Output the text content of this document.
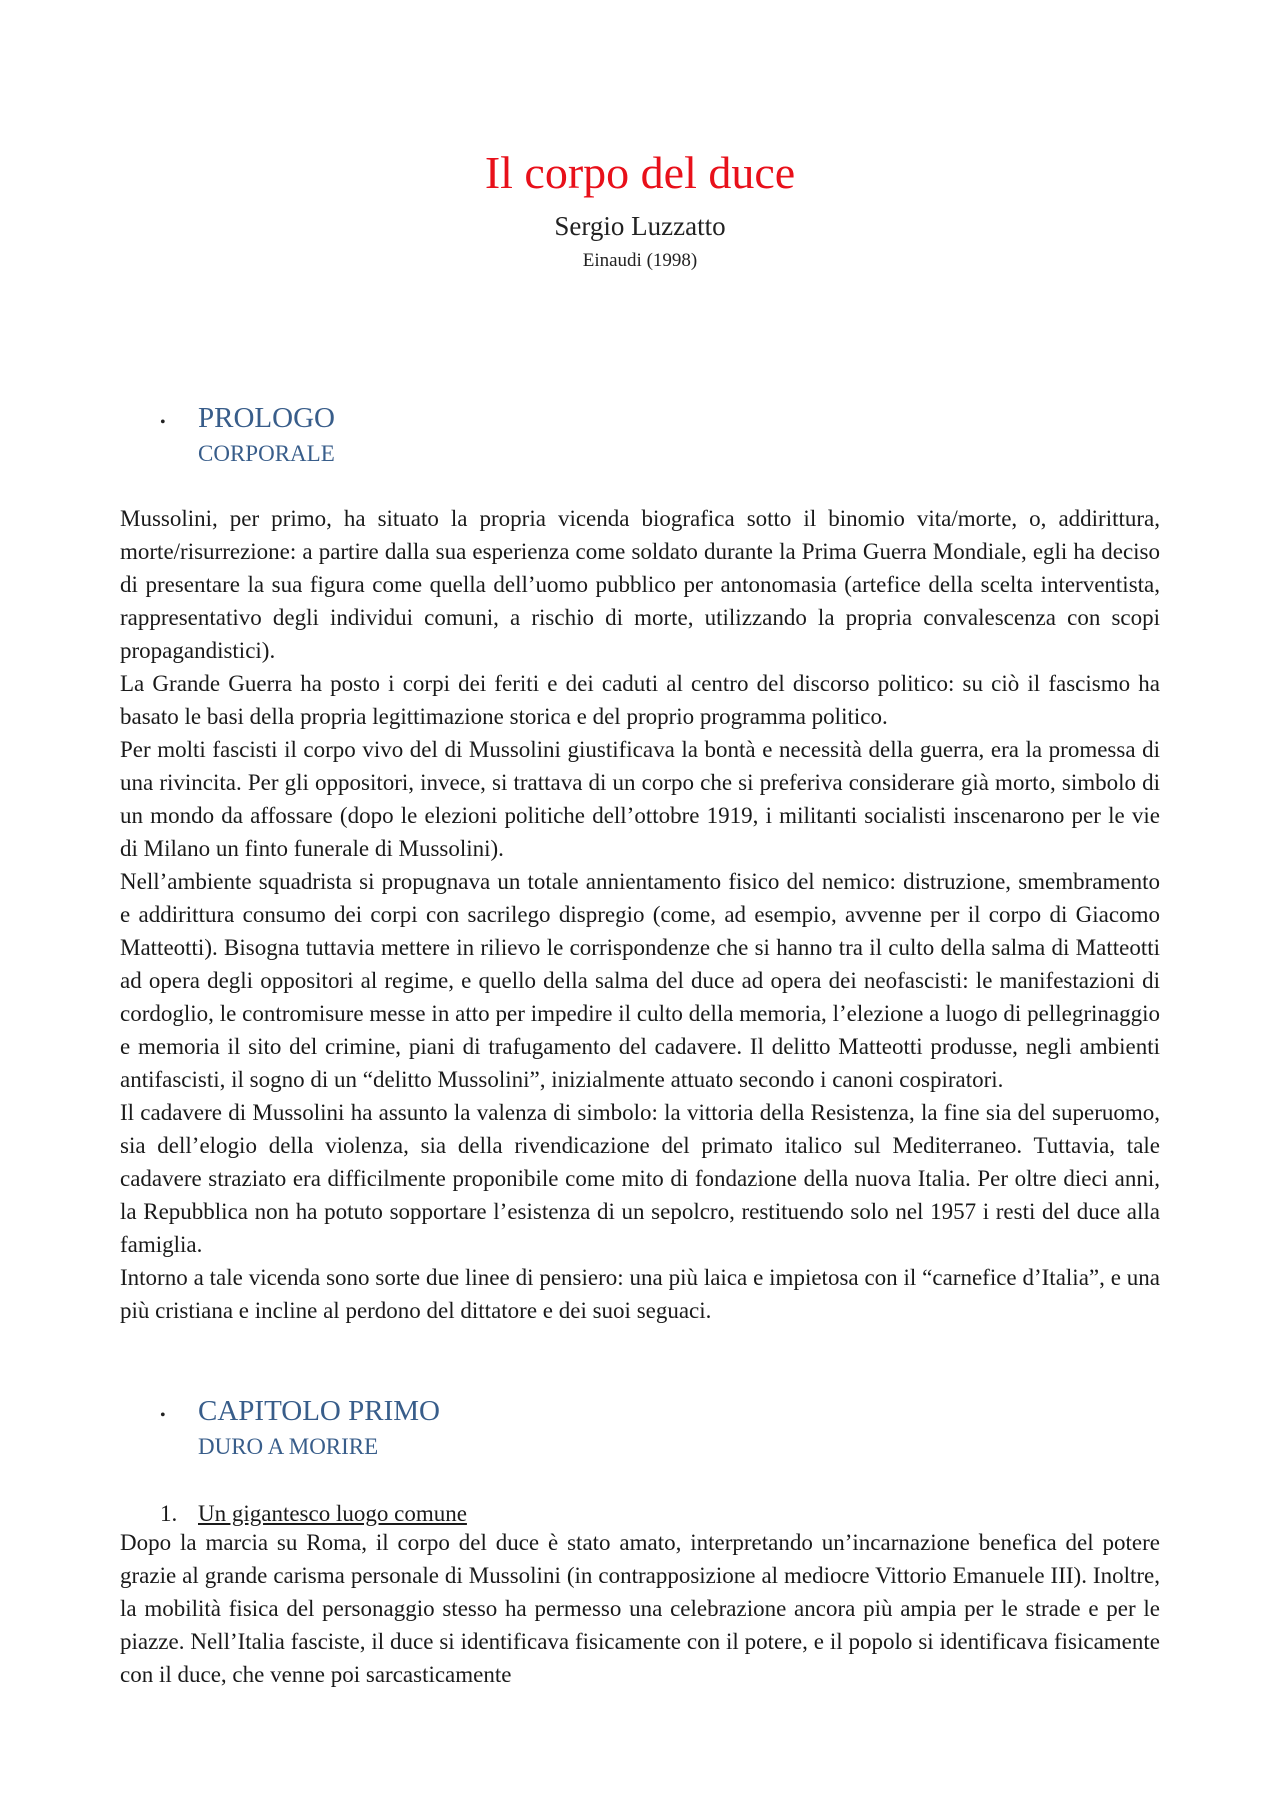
Il corpo del duce
Sergio Luzzatto
Einaudi (1998)
• PROLOGO
CORPORALE

Mussolini, per primo, ha situato la propria vicenda biografica sotto il binomio vita/morte, o, addirittura, morte/risurrezione: a partire dalla sua esperienza come soldato durante la Prima Guerra Mondiale, egli ha deciso di presentare la sua figura come quella dell’uomo pubblico per antonomasia (artefice della scelta interventista, rappresentativo degli individui comuni, a rischio di morte, utilizzando la propria convalescenza con scopi propagandistici).

La Grande Guerra ha posto i corpi dei feriti e dei caduti al centro del discorso politico: su ciò il fascismo ha basato le basi della propria legittimazione storica e del proprio programma politico.

Per molti fascisti il corpo vivo del di Mussolini giustificava la bontà e necessità della guerra, era la promessa di una rivincita. Per gli oppositori, invece, si trattava di un corpo che si preferiva considerare già morto, simbolo di un mondo da affossare (dopo le elezioni politiche dell’ottobre 1919, i militanti socialisti inscenarono per le vie di Milano un finto funerale di Mussolini).

Nell’ambiente squadrista si propugnava un totale annientamento fisico del nemico: distruzione, smembramento e addirittura consumo dei corpi con sacrilego dispregio (come, ad esempio, avvenne per il corpo di Giacomo Matteotti). Bisogna tuttavia mettere in rilievo le corrispondenze che si hanno tra il culto della salma di Matteotti ad opera degli oppositori al regime, e quello della salma del duce ad opera dei neofascisti: le manifestazioni di cordoglio, le contromisure messe in atto per impedire il culto della memoria, l’elezione a luogo di pellegrinaggio e memoria il sito del crimine, piani di trafugamento del cadavere. Il delitto Matteotti produsse, negli ambienti antifascisti, il sogno di un “delitto Mussolini”, inizialmente attuato secondo i canoni cospiratori.

Il cadavere di Mussolini ha assunto la valenza di simbolo: la vittoria della Resistenza, la fine sia del superuomo, sia dell’elogio della violenza, sia della rivendicazione del primato italico sul Mediterraneo. Tuttavia, tale cadavere straziato era difficilmente proponibile come mito di fondazione della nuova Italia. Per oltre dieci anni, la Repubblica non ha potuto sopportare l’esistenza di un sepolcro, restituendo solo nel 1957 i resti del duce alla famiglia.

Intorno a tale vicenda sono sorte due linee di pensiero: una più laica e impietosa con il “carnefice d’Italia”, e una più cristiana e incline al perdono del dittatore e dei suoi seguaci.

• CAPITOLO PRIMO
DURO A MORIRE
1. Un gigantesco luogo comune

Dopo la marcia su Roma, il corpo del duce è stato amato, interpretando un’incarnazione benefica del potere grazie al grande carisma personale di Mussolini (in contrapposizione al mediocre Vittorio Emanuele III). Inoltre, la mobilità fisica del personaggio stesso ha permesso una celebrazione ancora più ampia per le strade e per le piazze. Nell’Italia fasciste, il duce si identificava fisicamente con il potere, e il popolo si identificava fisicamente con il duce, che venne poi sarcasticamente
